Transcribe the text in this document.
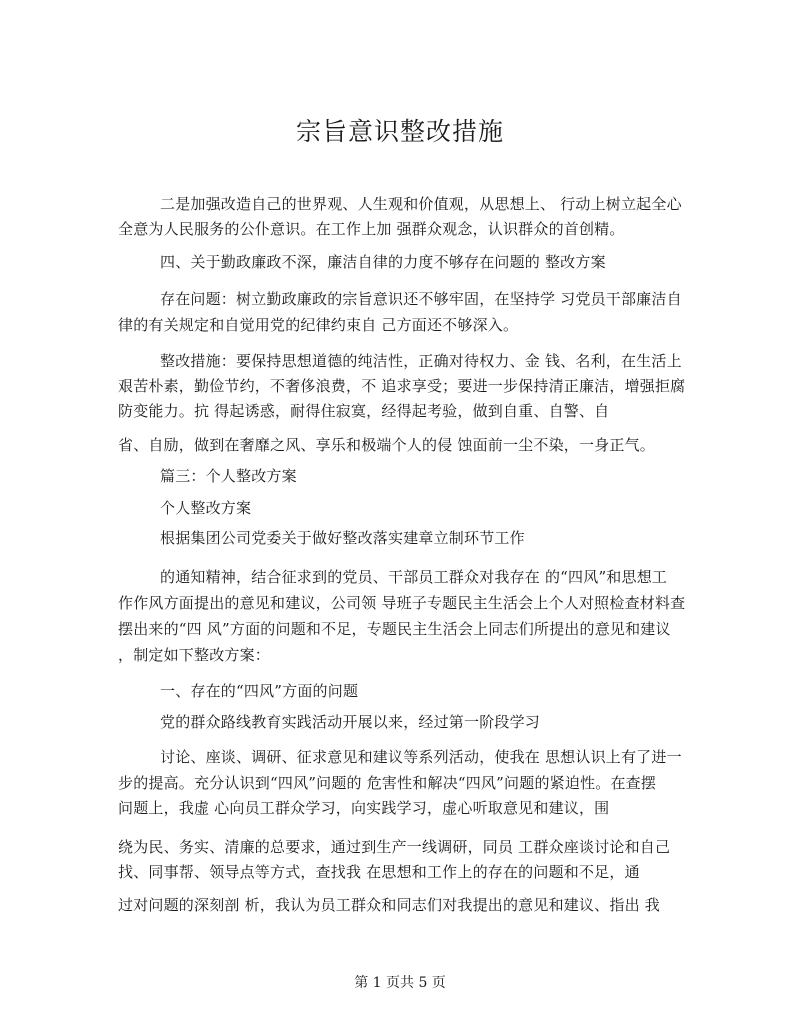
宗旨意识整改措施
二是加强改造自己的世界观、人生观和价值观，从思想上、 行动上树立起全心
全意为人民服务的公仆意识。在工作上加 强群众观念，认识群众的首创精。
四、关于勤政廉政不深，廉洁自律的力度不够存在问题的 整改方案
存在问题：树立勤政廉政的宗旨意识还不够牢固，在坚持学 习党员干部廉洁自
律的有关规定和自觉用党的纪律约束自 己方面还不够深入。
整改措施：要保持思想道德的纯洁性，正确对待权力、金 钱、名利，在生活上
艰苦朴素，勤俭节约，不奢侈浪费，不 追求享受；要进一步保持清正廉洁，增强拒腐
防变能力。抗 得起诱惑，耐得住寂寞，经得起考验，做到自重、自警、自
省、自励，做到在奢靡之风、享乐和极端个人的侵 蚀面前一尘不染，一身正气。
篇三：个人整改方案
个人整改方案
根据集团公司党委关于做好整改落实建章立制环节工作
的通知精神，结合征求到的党员、干部员工群众对我存在 的“四风”和思想工
作作风方面提出的意见和建议，公司领 导班子专题民主生活会上个人对照检查材料查
摆出来的“四 风”方面的问题和不足，专题民主生活会上同志们所提出的意见和建议
，制定如下整改方案：
一、存在的“四风”方面的问题
党的群众路线教育实践活动开展以来，经过第一阶段学习
讨论、座谈、调研、征求意见和建议等系列活动，使我在 思想认识上有了进一
步的提高。充分认识到“四风”问题的 危害性和解决“四风”问题的紧迫性。在查摆
问题上，我虚 心向员工群众学习，向实践学习，虚心听取意见和建议，围
绕为民、务实、清廉的总要求，通过到生产一线调研，同员 工群众座谈讨论和自己
找、同事帮、领导点等方式，查找我 在思想和工作上的存在的问题和不足，通
过对问题的深刻剖 析，我认为员工群众和同志们对我提出的意见和建议、指出 我
第 1 页共 5 页
